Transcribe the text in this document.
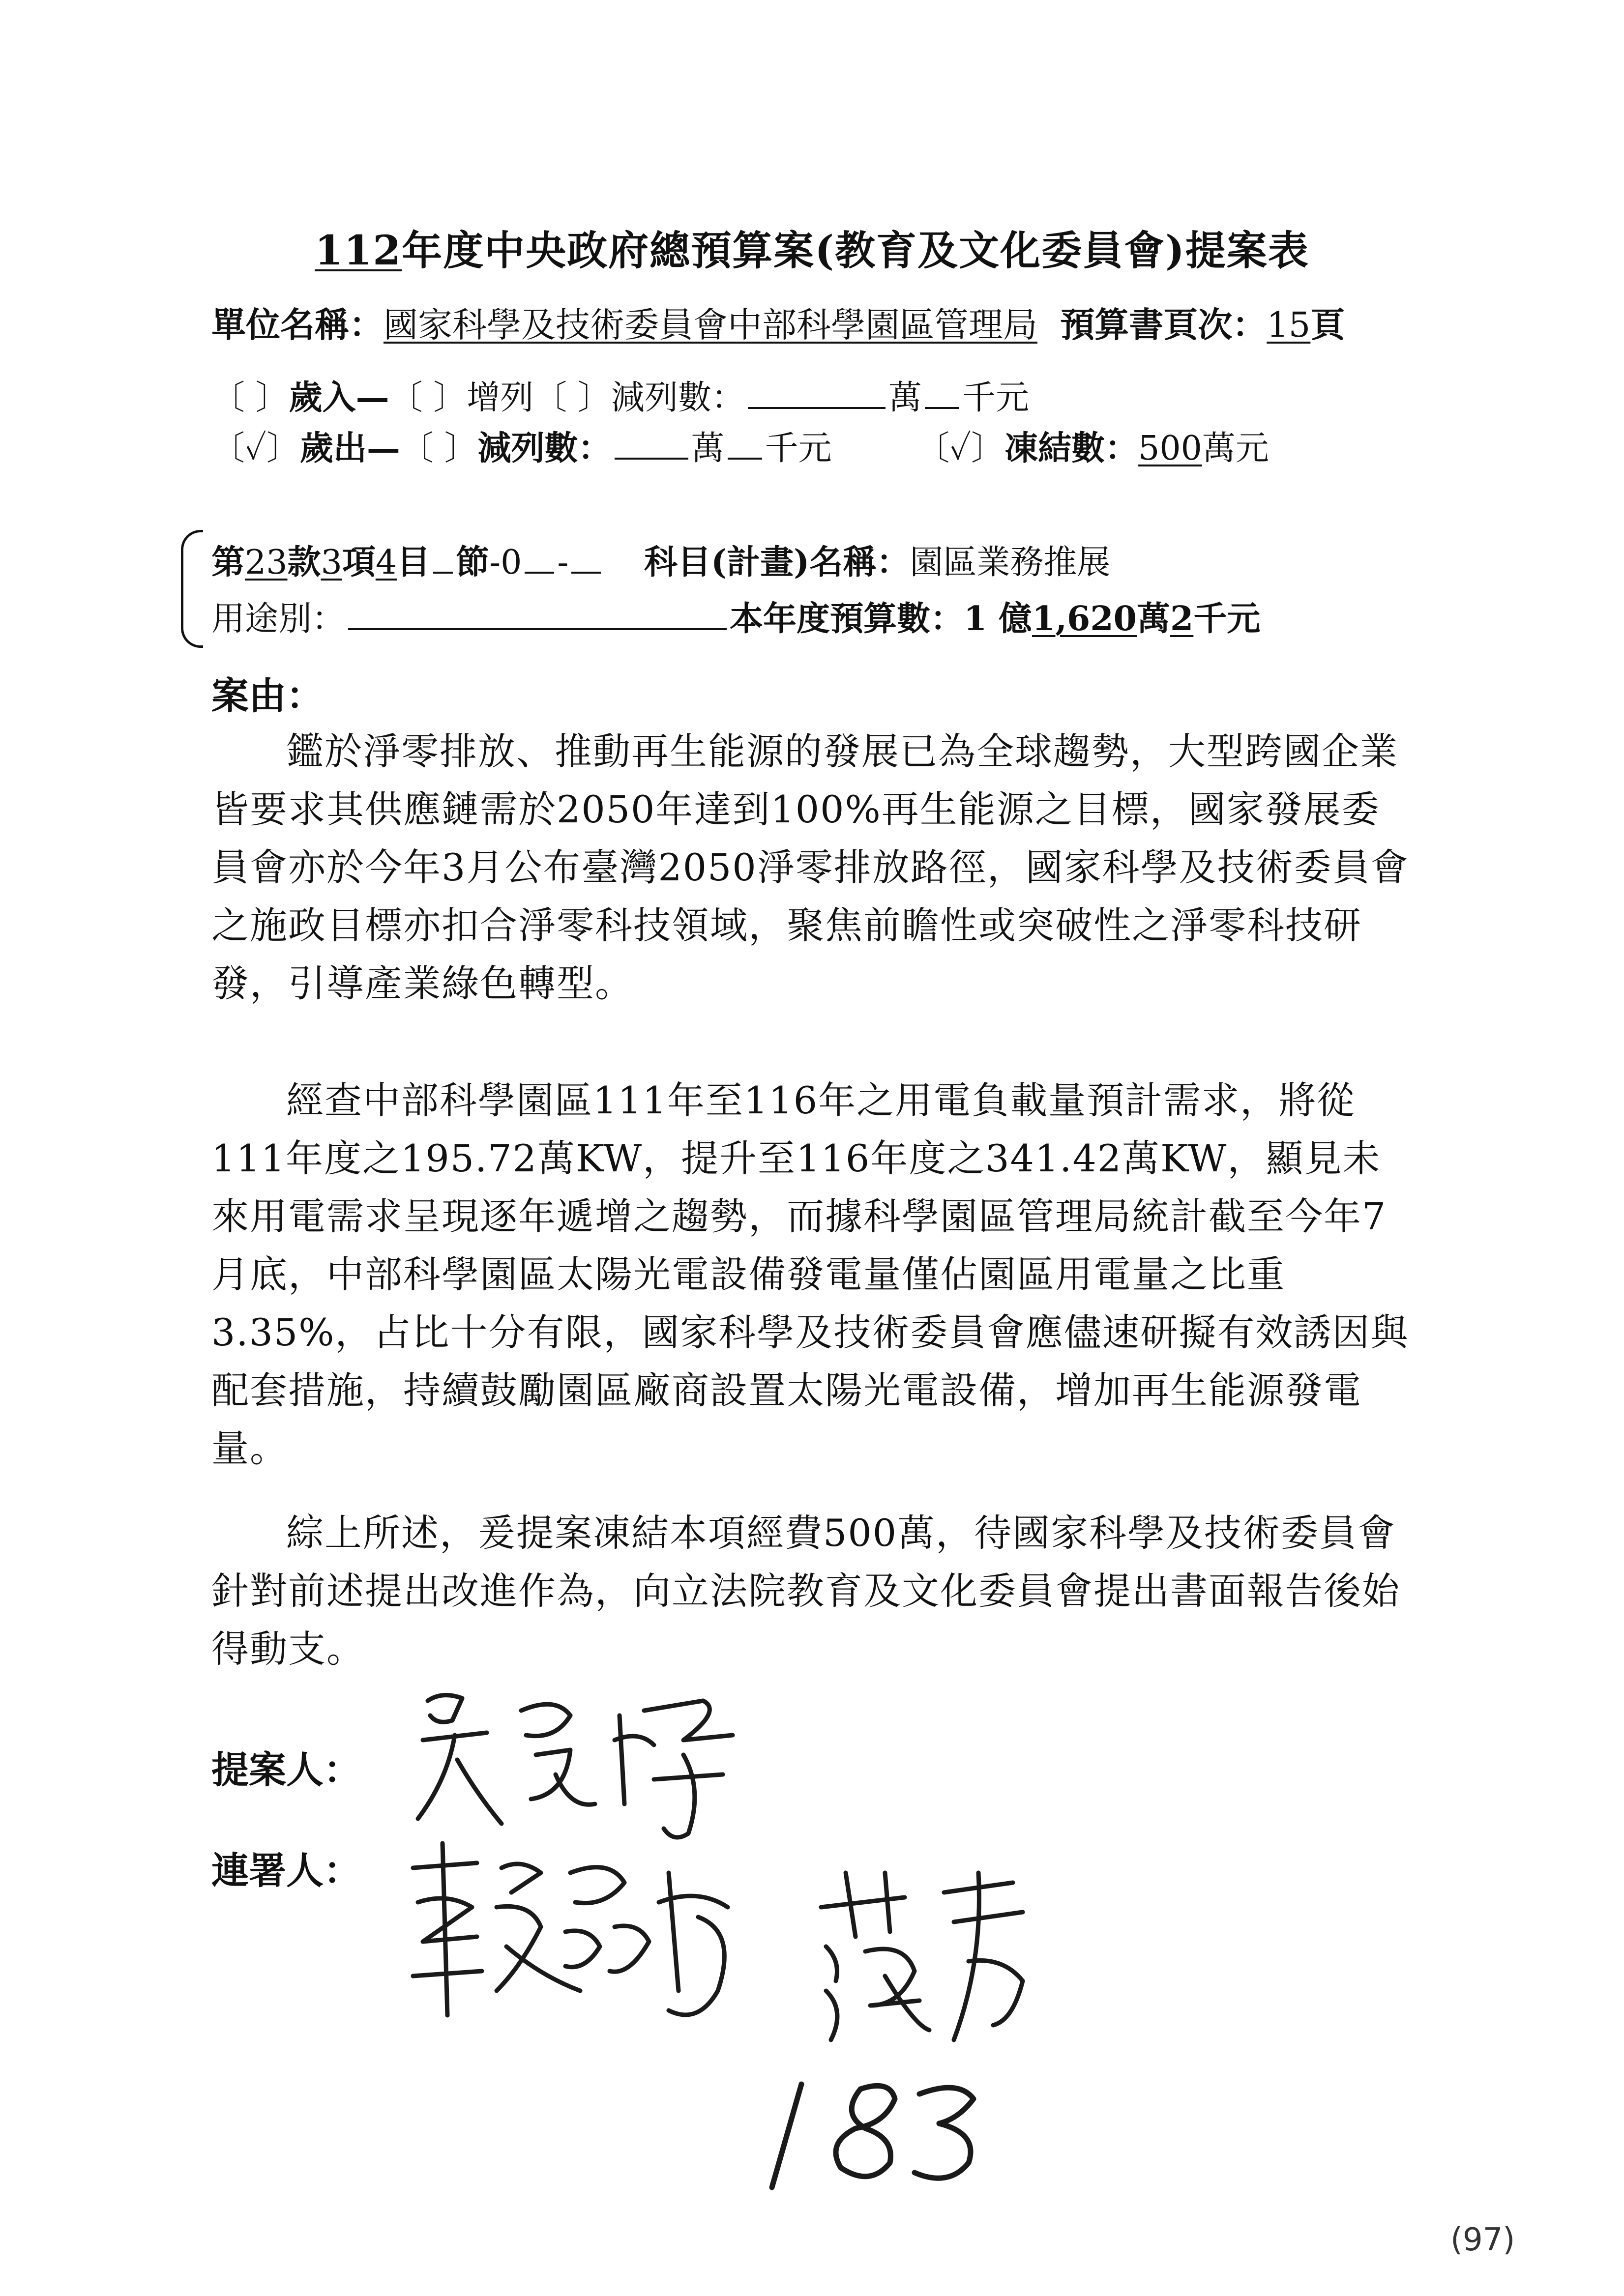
112年度中央政府總預算案(教育及文化委員會)提案表
單位名稱：國家科學及技術委員會中部科學園區管理局 預算書頁次：15頁
〔 〕歲入—〔 〕增列〔 〕減列數：	萬 千元
〔✓〕歲出—〔 〕減列數： 萬 千元	〔✓〕凍結數：500萬元
第23款3項4目 節-0 - 科目(計畫)名稱：園區業務推展
用途別：	本年度預算數：1 億1,620萬2千元
案由：

鑑於淨零排放、推動再生能源的發展已為全球趨勢，大型跨國企業皆要求其供應鏈需於2050年達到100%再生能源之目標，國家發展委員會亦於今年3月公布臺灣2050淨零排放路徑，國家科學及技術委員會之施政目標亦扣合淨零科技領域，聚焦前瞻性或突破性之淨零科技研發，引導產業綠色轉型。

經查中部科學園區111年至116年之用電負載量預計需求，將從111年度之195.72萬KW，提升至116年度之341.42萬KW，顯見未來用電需求呈現逐年遞增之趨勢，而據科學園區管理局統計截至今年7月底，中部科學園區太陽光電設備發電量僅佔園區用電量之比重3.35%，占比十分有限，國家科學及技術委員會應儘速研擬有效誘因與配套措施，持續鼓勵園區廠商設置太陽光電設備，增加再生能源發電量。

綜上所述，爰提案凍結本項經費500萬，待國家科學及技術委員會針對前述提出改進作為，向立法院教育及文化委員會提出書面報告後始得動支。

提案人：
連署人：
(97)
